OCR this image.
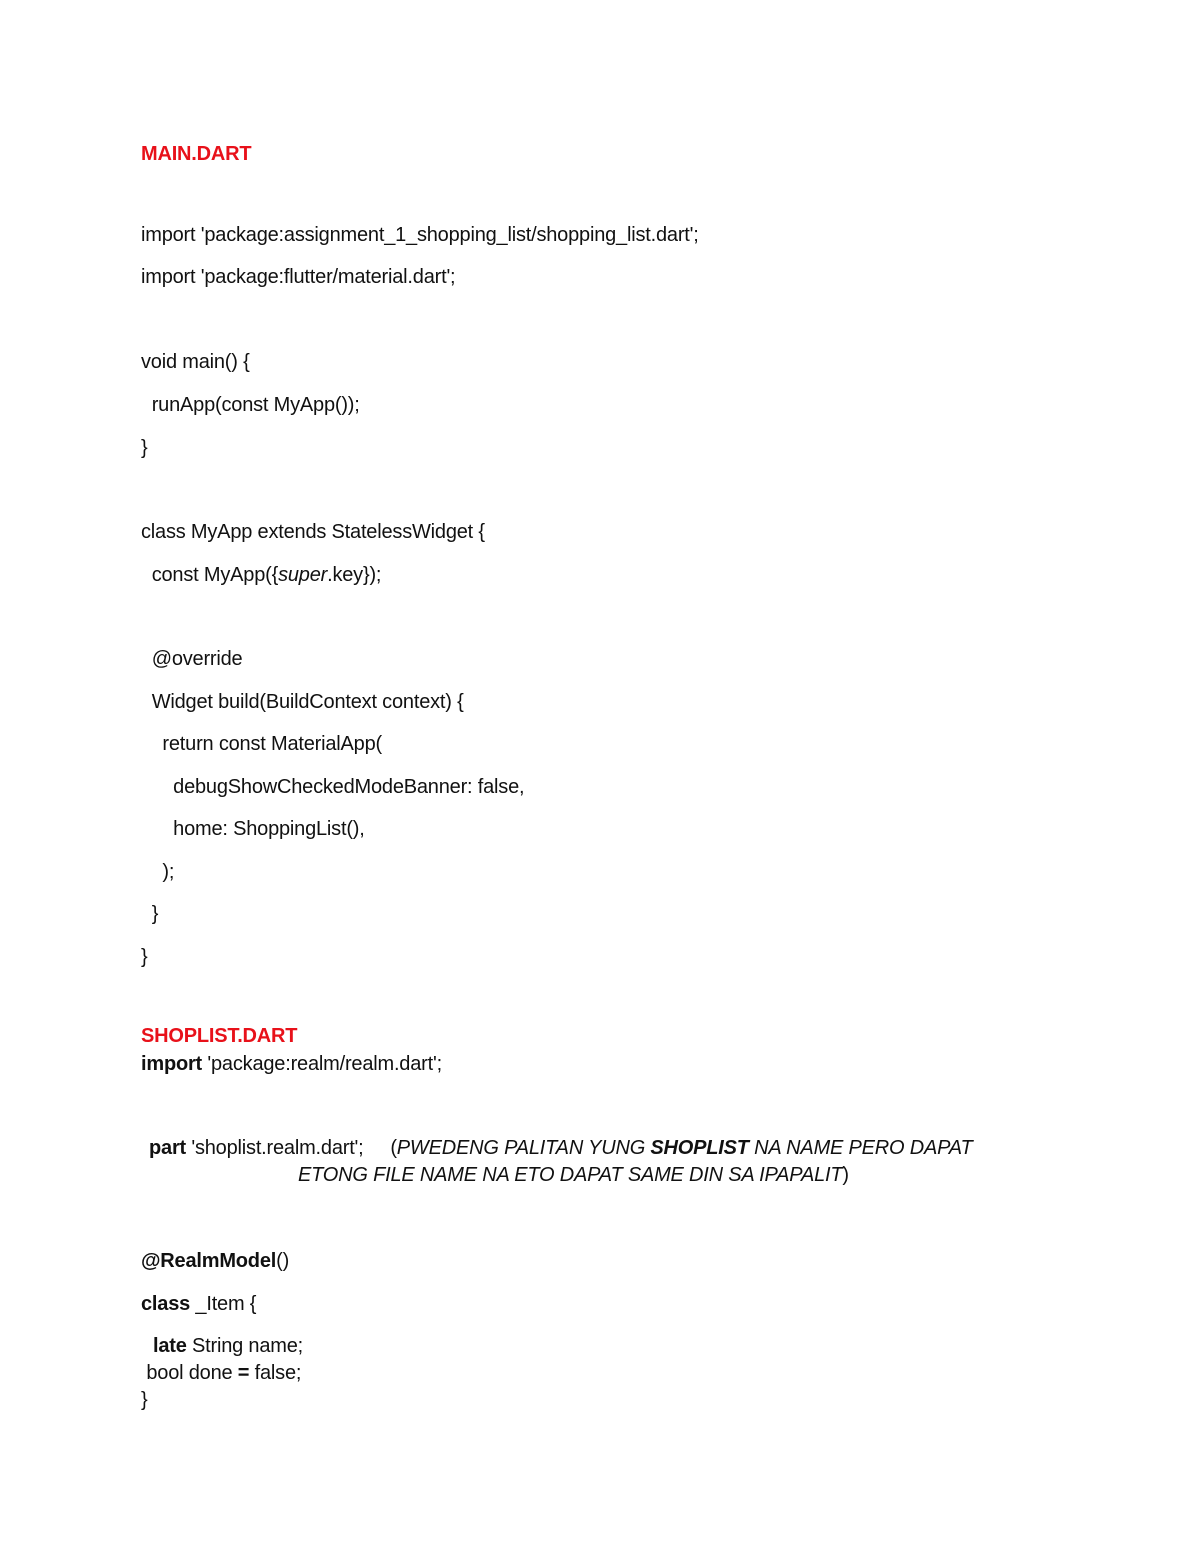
MAIN.DART
import 'package:assignment_1_shopping_list/shopping_list.dart';
import 'package:flutter/material.dart';
void main() {
runApp(const MyApp());
}
class MyApp extends StatelessWidget {
const MyApp({super.key});
@override
Widget build(BuildContext context) {
return const MaterialApp(
debugShowCheckedModeBanner: false,
home: ShoppingList(),
);
}
}
SHOPLIST.DART
import 'package:realm/realm.dart';
part 'shoplist.realm.dart';     (PWEDENG PALITAN YUNG SHOPLIST NA NAME PERO DAPAT
ETONG FILE NAME NA ETO DAPAT SAME DIN SA IPAPALIT)
@RealmModel()
class _Item {
late String name;
bool done = false;
}
